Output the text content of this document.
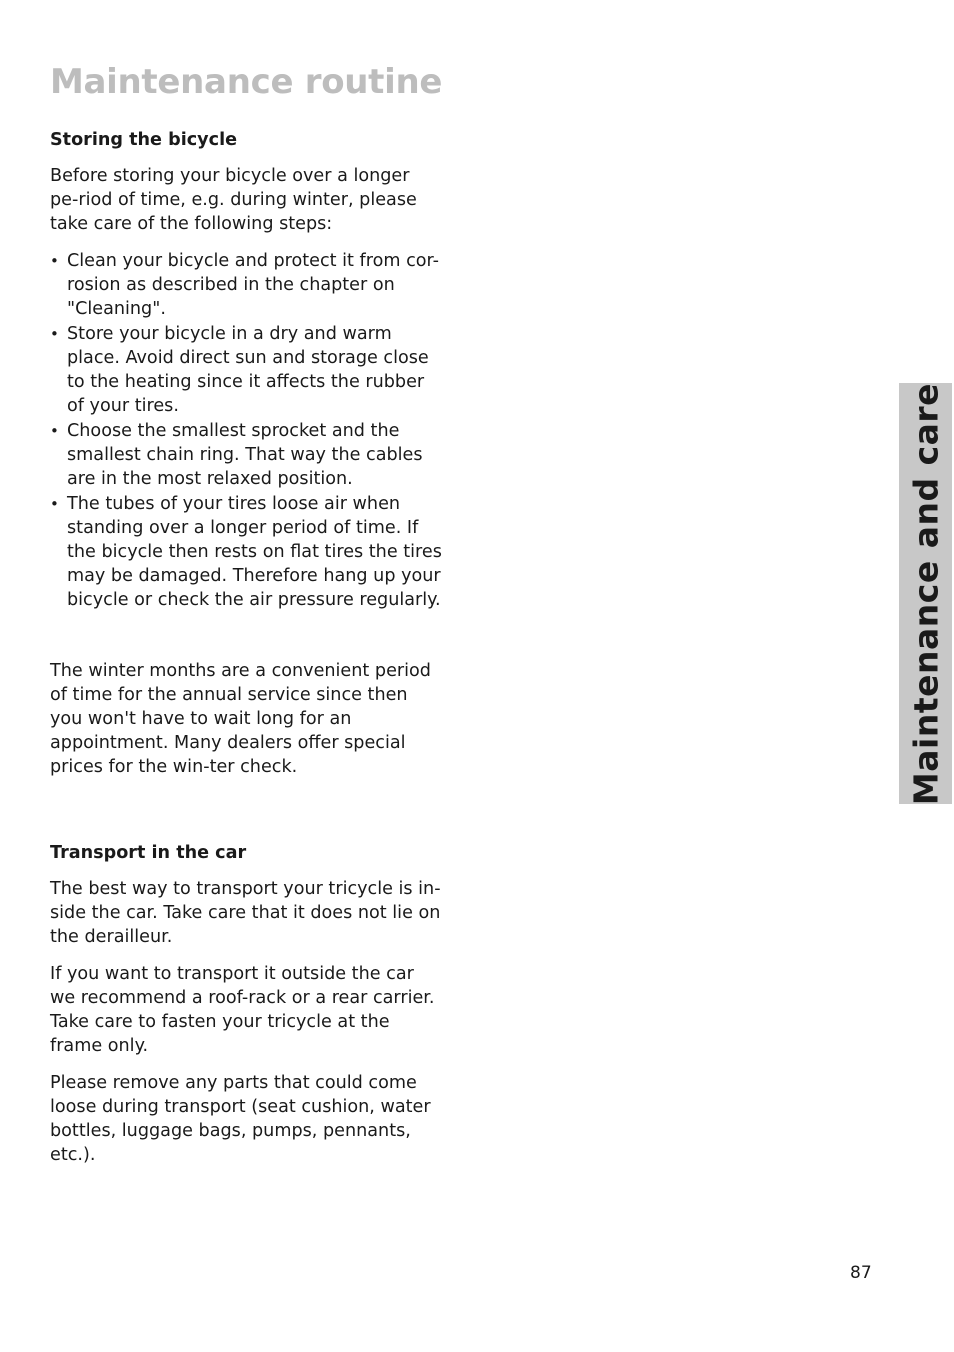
Maintenance routine
Storing the bicycle

Before storing your bicycle over a longer pe-riod of time, e.g. during winter, please take care of the following steps:

• Clean your bicycle and protect it from cor-rosion as described in the chapter on "Cleaning".
• Store your bicycle in a dry and warm place. Avoid direct sun and storage close to the heating since it affects the rubber of your tires.
• Choose the smallest sprocket and the smallest chain ring. That way the cables are in the most relaxed position.
• The tubes of your tires loose air when standing over a longer period of time. If the bicycle then rests on flat tires the tires may be damaged. Therefore hang up your bicycle or check the air pressure regularly.

The winter months are a convenient period of time for the annual service since then you won't have to wait long for an appointment. Many dealers offer special prices for the win-ter check.

Transport in the car

The best way to transport your tricycle is in-side the car. Take care that it does not lie on the derailleur.

If you want to transport it outside the car we recommend a roof-rack or a rear carrier. Take care to fasten your tricycle at the frame only.

Please remove any parts that could come loose during transport (seat cushion, water bottles, luggage bags, pumps, pennants, etc.).

Maintenance and care
87
